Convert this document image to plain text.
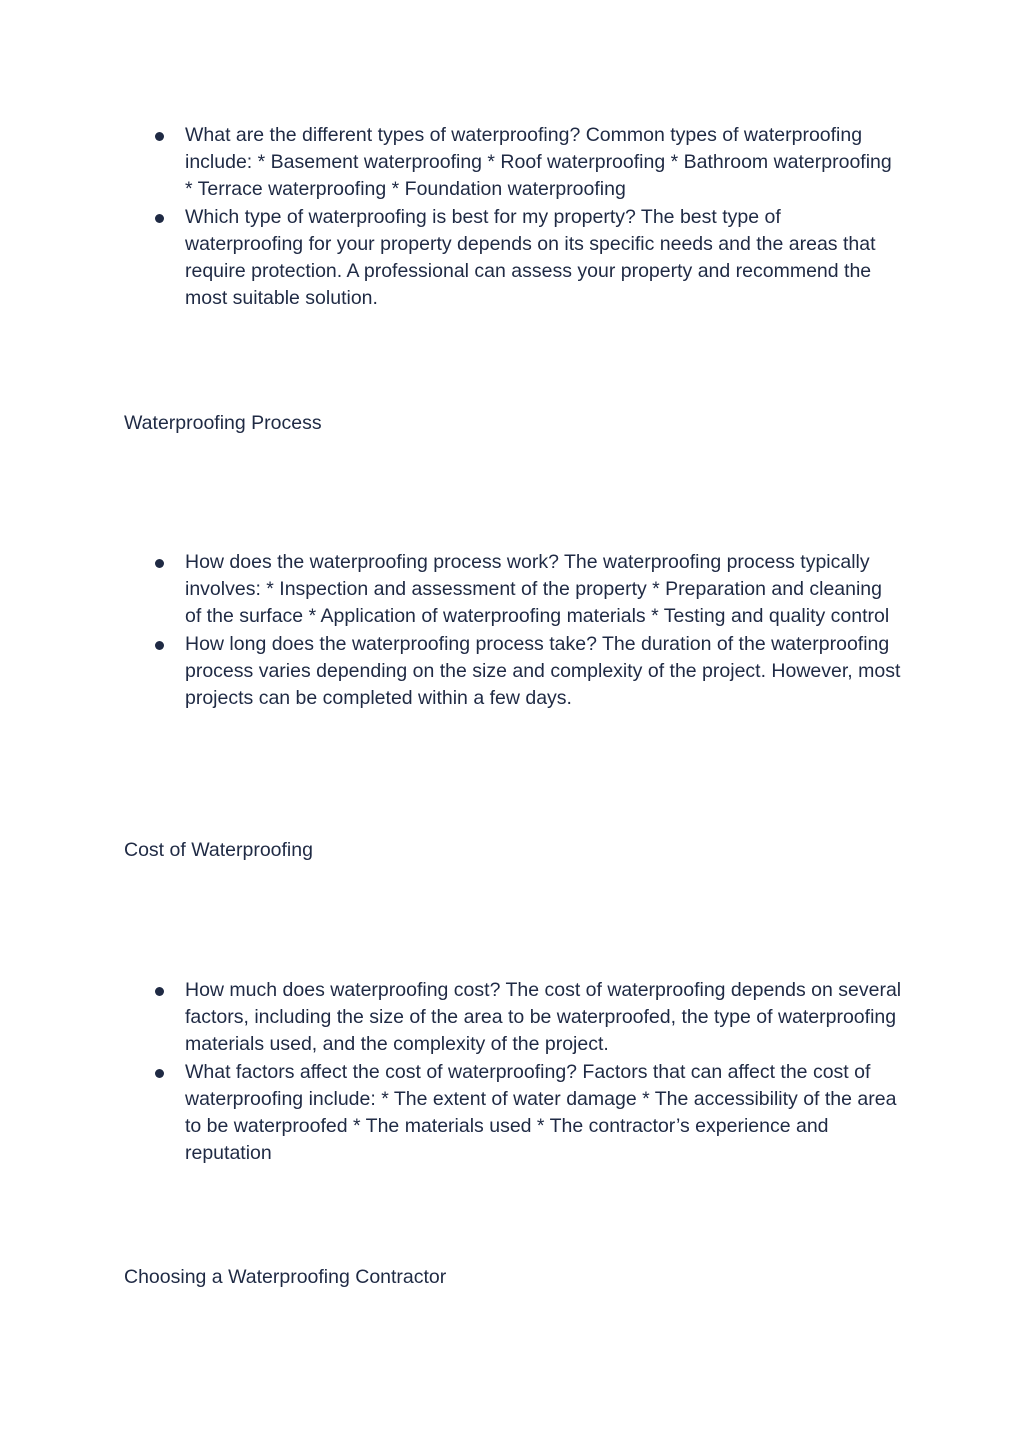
What are the different types of waterproofing? Common types of waterproofing include: * Basement waterproofing * Roof waterproofing * Bathroom waterproofing * Terrace waterproofing * Foundation waterproofing
Which type of waterproofing is best for my property? The best type of waterproofing for your property depends on its specific needs and the areas that require protection. A professional can assess your property and recommend the most suitable solution.
Waterproofing Process
How does the waterproofing process work? The waterproofing process typically involves: * Inspection and assessment of the property * Preparation and cleaning of the surface * Application of waterproofing materials * Testing and quality control
How long does the waterproofing process take? The duration of the waterproofing process varies depending on the size and complexity of the project. However, most projects can be completed within a few days.
Cost of Waterproofing
How much does waterproofing cost? The cost of waterproofing depends on several factors, including the size of the area to be waterproofed, the type of waterproofing materials used, and the complexity of the project.
What factors affect the cost of waterproofing? Factors that can affect the cost of waterproofing include: * The extent of water damage * The accessibility of the area to be waterproofed * The materials used * The contractor’s experience and reputation
Choosing a Waterproofing Contractor
